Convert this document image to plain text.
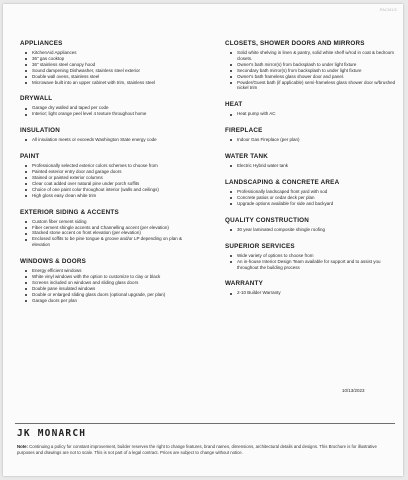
PACMLS
APPLIANCES
KitchenAid Appliances
36" gas cooktop
36" stainless steel canopy hood
Sound dampening Dishwasher, stainless steel exterior
Double wall ovens, stainless steel
Microwave built into an upper cabinet with trim, stainless steel
DRYWALL
Garage dry walled and taped per code
Interior; light orange peel level 4 texture throughout home
INSULATION
All insulation meets or exceeds Washington State energy code
PAINT
Professionally selected exterior colors schemes to choose from
Painted exterior entry door and garage doors
Stained or painted exterior columns
Clear coat added over natural pine under porch soffits
Choice of one paint color throughout interior (walls and ceilings)
High gloss easy clean white trim
EXTERIOR SIDING & ACCENTS
Custom fiber cement siding
Fiber cement shingle accents and Channelling accent (per elevation)
Stacked stone accent on front elevation (per elevation)
Enclosed soffits to be pine tongue & groove and/or LP depending on plan & elevation
WINDOWS & DOORS
Energy efficient windows
White vinyl windows with the option to customize to clay or black
Screens included on windows and sliding glass doors
Double pane insulated windows
Double or enlarged sliding glass doors (optional upgrade, per plan)
Garage doors per plan
CLOSETS, SHOWER DOORS AND MIRRORS
Solid white shelving in linen & pantry, solid white shelf w/rod in coat & bedroom closets.
Owner's bath mirror(s) from backsplash to under light fixture
Secondary bath mirror(s) from backsplash to under light fixture
Owner's bath frameless glass shower door and panel.
Powder/Guest bath (if applicable) semi-frameless glass shower door w/brushed nickel trim
HEAT
Heat pump with AC
FIREPLACE
Indoor Gas Fireplace (per plan)
WATER TANK
Electric Hybrid water tank
LANDSCAPING & CONCRETE AREA
Professionally landscaped front yard with sod
Concrete patios or cedar deck per plan
Upgrade options available for side and backyard
QUALITY CONSTRUCTION
30 year laminated composite shingle roofing
SUPERIOR SERVICES
Wide variety of options to choose from
An in-house Interior Design Team available for support and to assist you throughout the building process
WARRANTY
2-10 Builder Warranty
10/13/2023
JK MONARCH
Note: Continuing a policy for constant improvement, builder reserves the right to change features, brand names, dimensions, architectural details and designs. This Brochure is for illustrative purposes and drawings are not to scale. This is not part of a legal contract. Prices are subject to change without notice.
